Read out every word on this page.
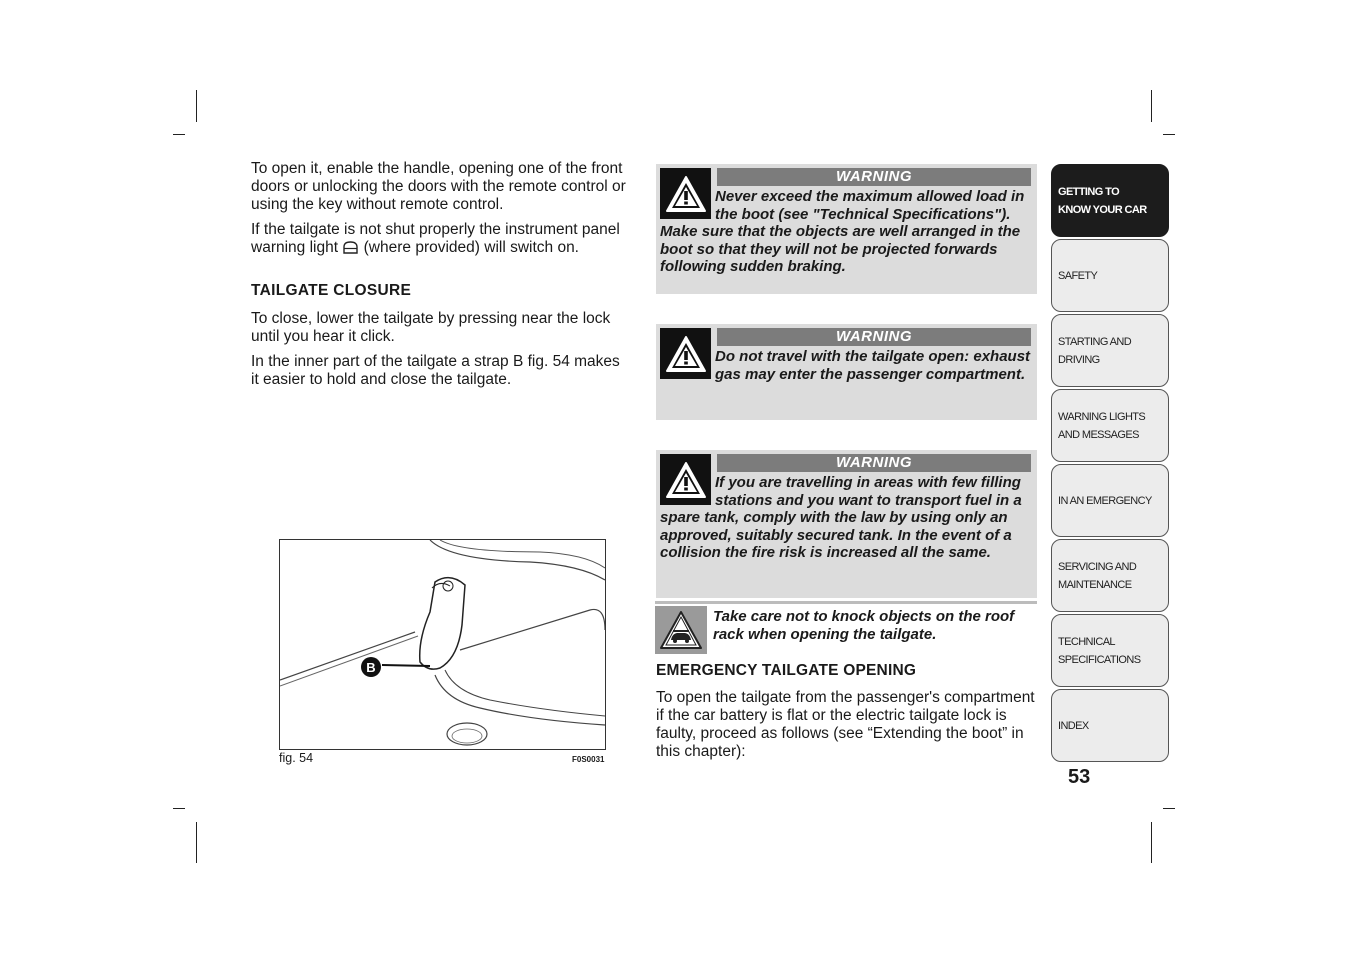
To open it, enable the handle, opening one of the front doors or unlocking the doors with the remote control or using the key without remote control.

If the tailgate is not shut properly the instrument panel warning light  (where provided) will switch on.

TAILGATE CLOSURE

To close, lower the tailgate by pressing near the lock until you hear it click.

In the inner part of the tailgate a strap B fig. 54 makes it easier to hold and close the tailgate.

B
fig. 54	F0S0031
WARNING
Never exceed the maximum allowed load in the boot (see "Technical Specifications"). Make sure that the objects are well arranged in the boot so that they will not be projected forwards following sudden braking.
WARNING
Do not travel with the tailgate open: exhaust gas may enter the passenger compartment.
WARNING
If you are travelling in areas with few filling stations and you want to transport fuel in a spare tank, comply with the law by using only an approved, suitably secured tank. In the event of a collision the fire risk is increased all the same.
Take care not to knock objects on the roof rack when opening the tailgate.
EMERGENCY TAILGATE OPENING

To open the tailgate from the passenger's compartment if the car battery is flat or the electric tailgate lock is faulty, proceed as follows (see “Extending the boot” in this chapter):

GETTING TO
KNOW YOUR CAR
SAFETY
STARTING AND
DRIVING
WARNING LIGHTS
AND MESSAGES
IN AN EMERGENCY
SERVICING AND
MAINTENANCE
TECHNICAL
SPECIFICATIONS
INDEX
53
